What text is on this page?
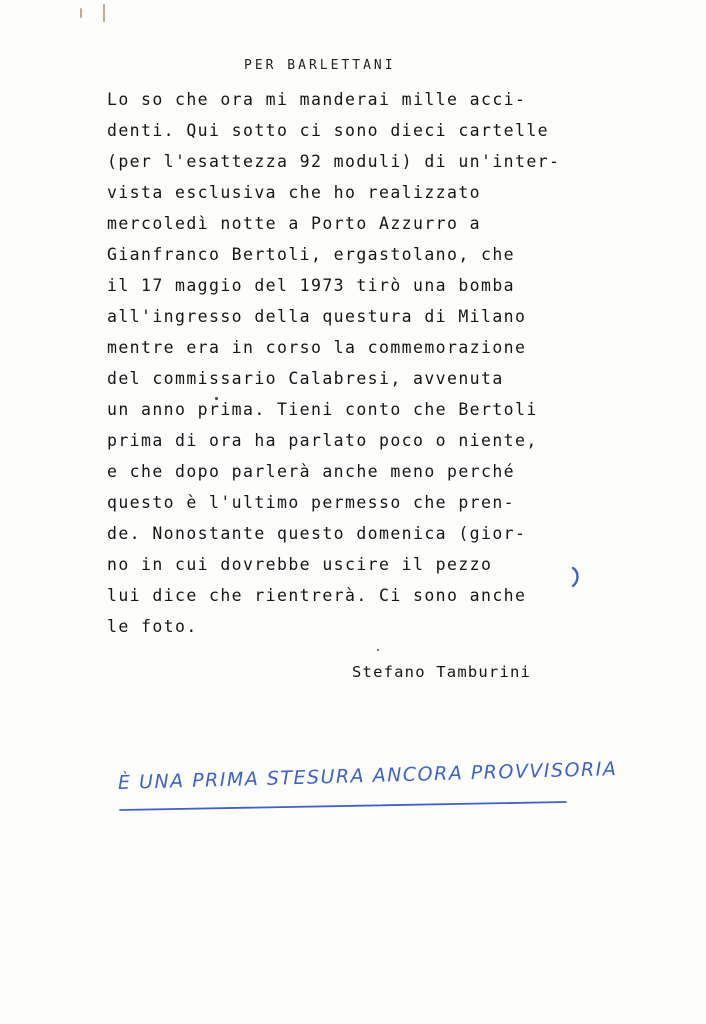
PER BARLETTANI
Lo so che ora mi manderai mille acci-
denti. Qui sotto ci sono dieci cartelle
(per l'esattezza 92 moduli) di un'inter-
vista esclusiva che ho realizzato
mercoledì notte a Porto Azzurro a
Gianfranco Bertoli, ergastolano, che
il 17 maggio del 1973 tirò una bomba
all'ingresso della questura di Milano
mentre era in corso la commemorazione
del commissario Calabresi, avvenuta
un anno prima. Tieni conto che Bertoli
prima di ora ha parlato poco o niente,
e che dopo parlerà anche meno perché
questo è l'ultimo permesso che pren-
de. Nonostante questo domenica (gior-
no in cui dovrebbe uscire il pezzo
lui dice che rientrerà. Ci sono anche
le foto.
Stefano Tamburini
È UNA PRIMA STESURA ANCORA PROVVISORIA
